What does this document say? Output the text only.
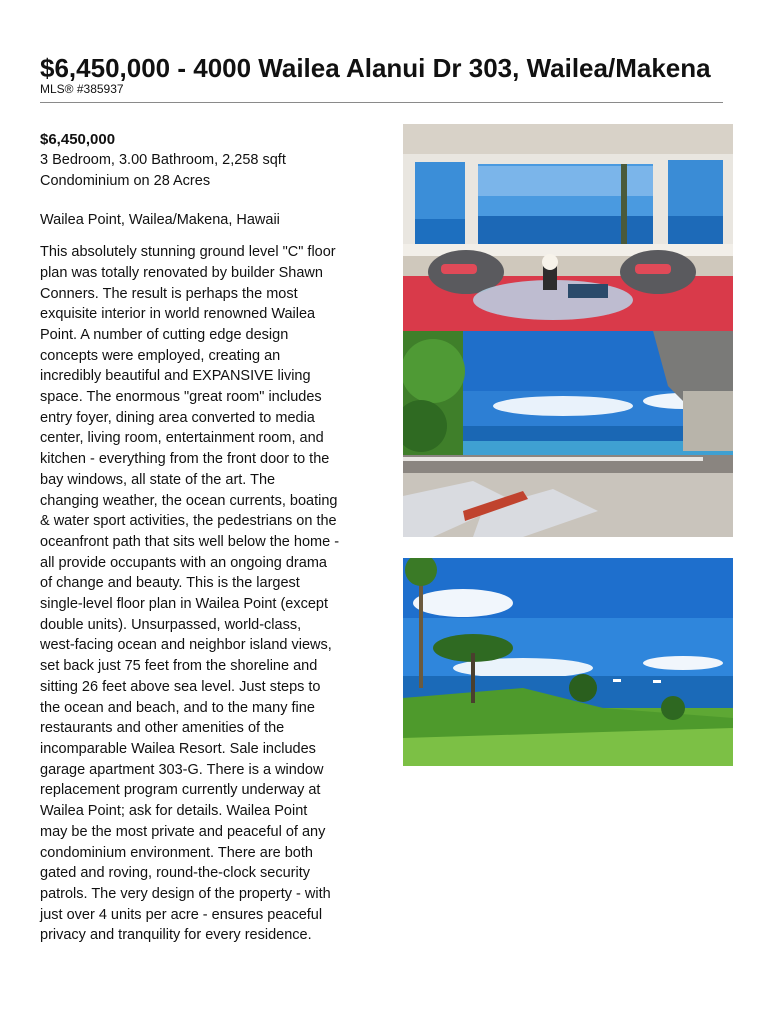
$6,450,000 - 4000 Wailea Alanui Dr 303, Wailea/Makena
MLS® #385937
$6,450,000
3 Bedroom, 3.00 Bathroom, 2,258 sqft
Condominium on 28 Acres
Wailea Point, Wailea/Makena, Hawaii
This absolutely stunning ground level "C" floor
plan was totally renovated by builder Shawn
Conners. The result is perhaps the most
exquisite interior in world renowned Wailea
Point. A number of cutting edge design
concepts were employed, creating an
incredibly beautiful and EXPANSIVE living
space. The enormous "great room" includes
entry foyer, dining area converted to media
center, living room, entertainment room, and
kitchen - everything from the front door to the
bay windows, all state of the art. The
changing weather, the ocean currents, boating
& water sport activities, the pedestrians on the
oceanfront path that sits well below the home -
all provide occupants with an ongoing drama
of change and beauty. This is the largest
single-level floor plan in Wailea Point (except
double units). Unsurpassed, world-class,
west-facing ocean and neighbor island views,
set back just 75 feet from the shoreline and
sitting 26 feet above sea level. Just steps to
the ocean and beach, and to the many fine
restaurants and other amenities of the
incomparable Wailea Resort. Sale includes
garage apartment 303-G. There is a window
replacement program currently underway at
Wailea Point; ask for details. Wailea Point
may be the most private and peaceful of any
condominium environment. There are both
gated and roving, round-the-clock security
patrols. The very design of the property - with
just over 4 units per acre - ensures peaceful
privacy and tranquility for every residence.
